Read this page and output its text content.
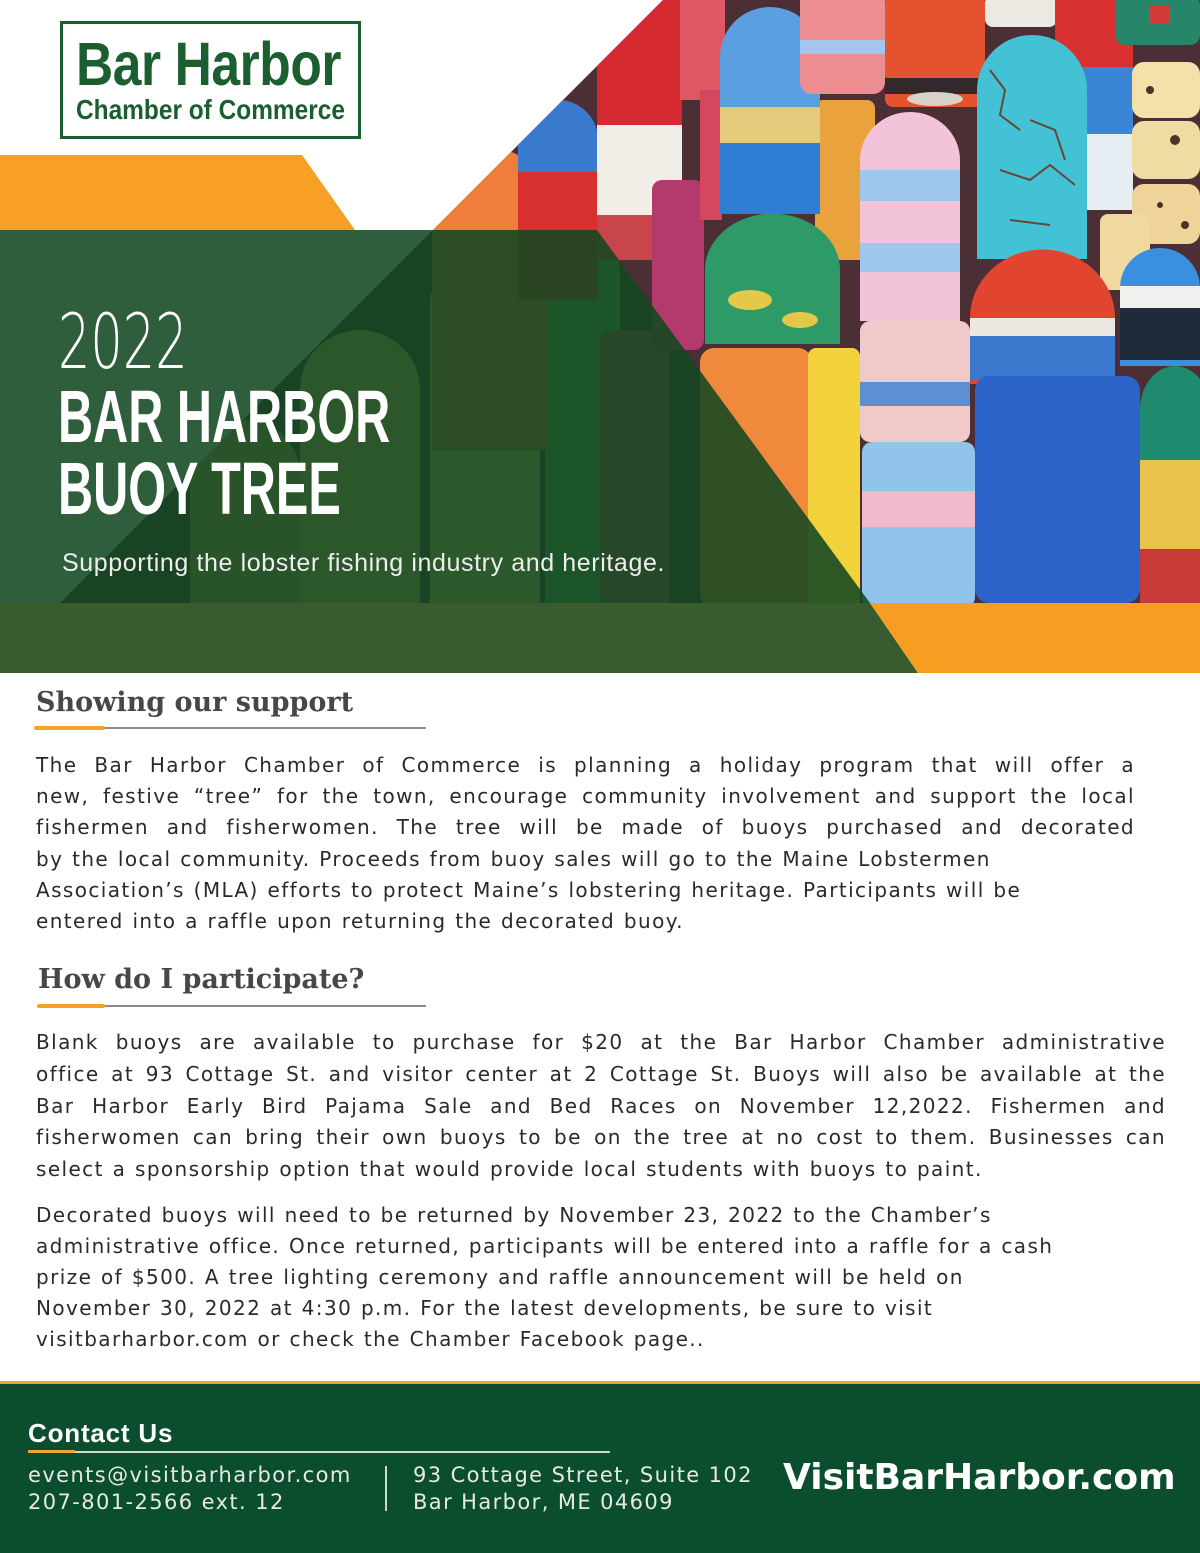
Bar Harbor
Chamber of Commerce
2022
BAR HARBOR
BUOY TREE
Supporting the lobster fishing industry and heritage.
Showing our support
The Bar Harbor Chamber of Commerce is planning a holiday program that will offer a
new, festive “tree” for the town, encourage community involvement and support the local
fishermen and fisherwomen. The tree will be made of buoys purchased and decorated
by the local community. Proceeds from buoy sales will go to the Maine Lobstermen
Association’s (MLA) efforts to protect Maine’s lobstering heritage. Participants will be
entered into a raffle upon returning the decorated buoy.
How do I participate?
Blank buoys are available to purchase for $20 at the Bar Harbor Chamber administrative
office at 93 Cottage St. and visitor center at 2 Cottage St. Buoys will also be available at the
Bar Harbor Early Bird Pajama Sale and Bed Races on November 12,2022. Fishermen and
fisherwomen can bring their own buoys to be on the tree at no cost to them. Businesses can
select a sponsorship option that would provide local students with buoys to paint.
Decorated buoys will need to be returned by November 23, 2022 to the Chamber’s
administrative office. Once returned, participants will be entered into a raffle for a cash
prize of $500. A tree lighting ceremony and raffle announcement will be held on
November 30, 2022 at 4:30 p.m. For the latest developments, be sure to visit
visitbarharbor.com or check the Chamber Facebook page..
Contact Us
events@visitbarharbor.com
207-801-2566 ext. 12
93 Cottage Street, Suite 102
Bar Harbor, ME 04609
VisitBarHarbor.com
